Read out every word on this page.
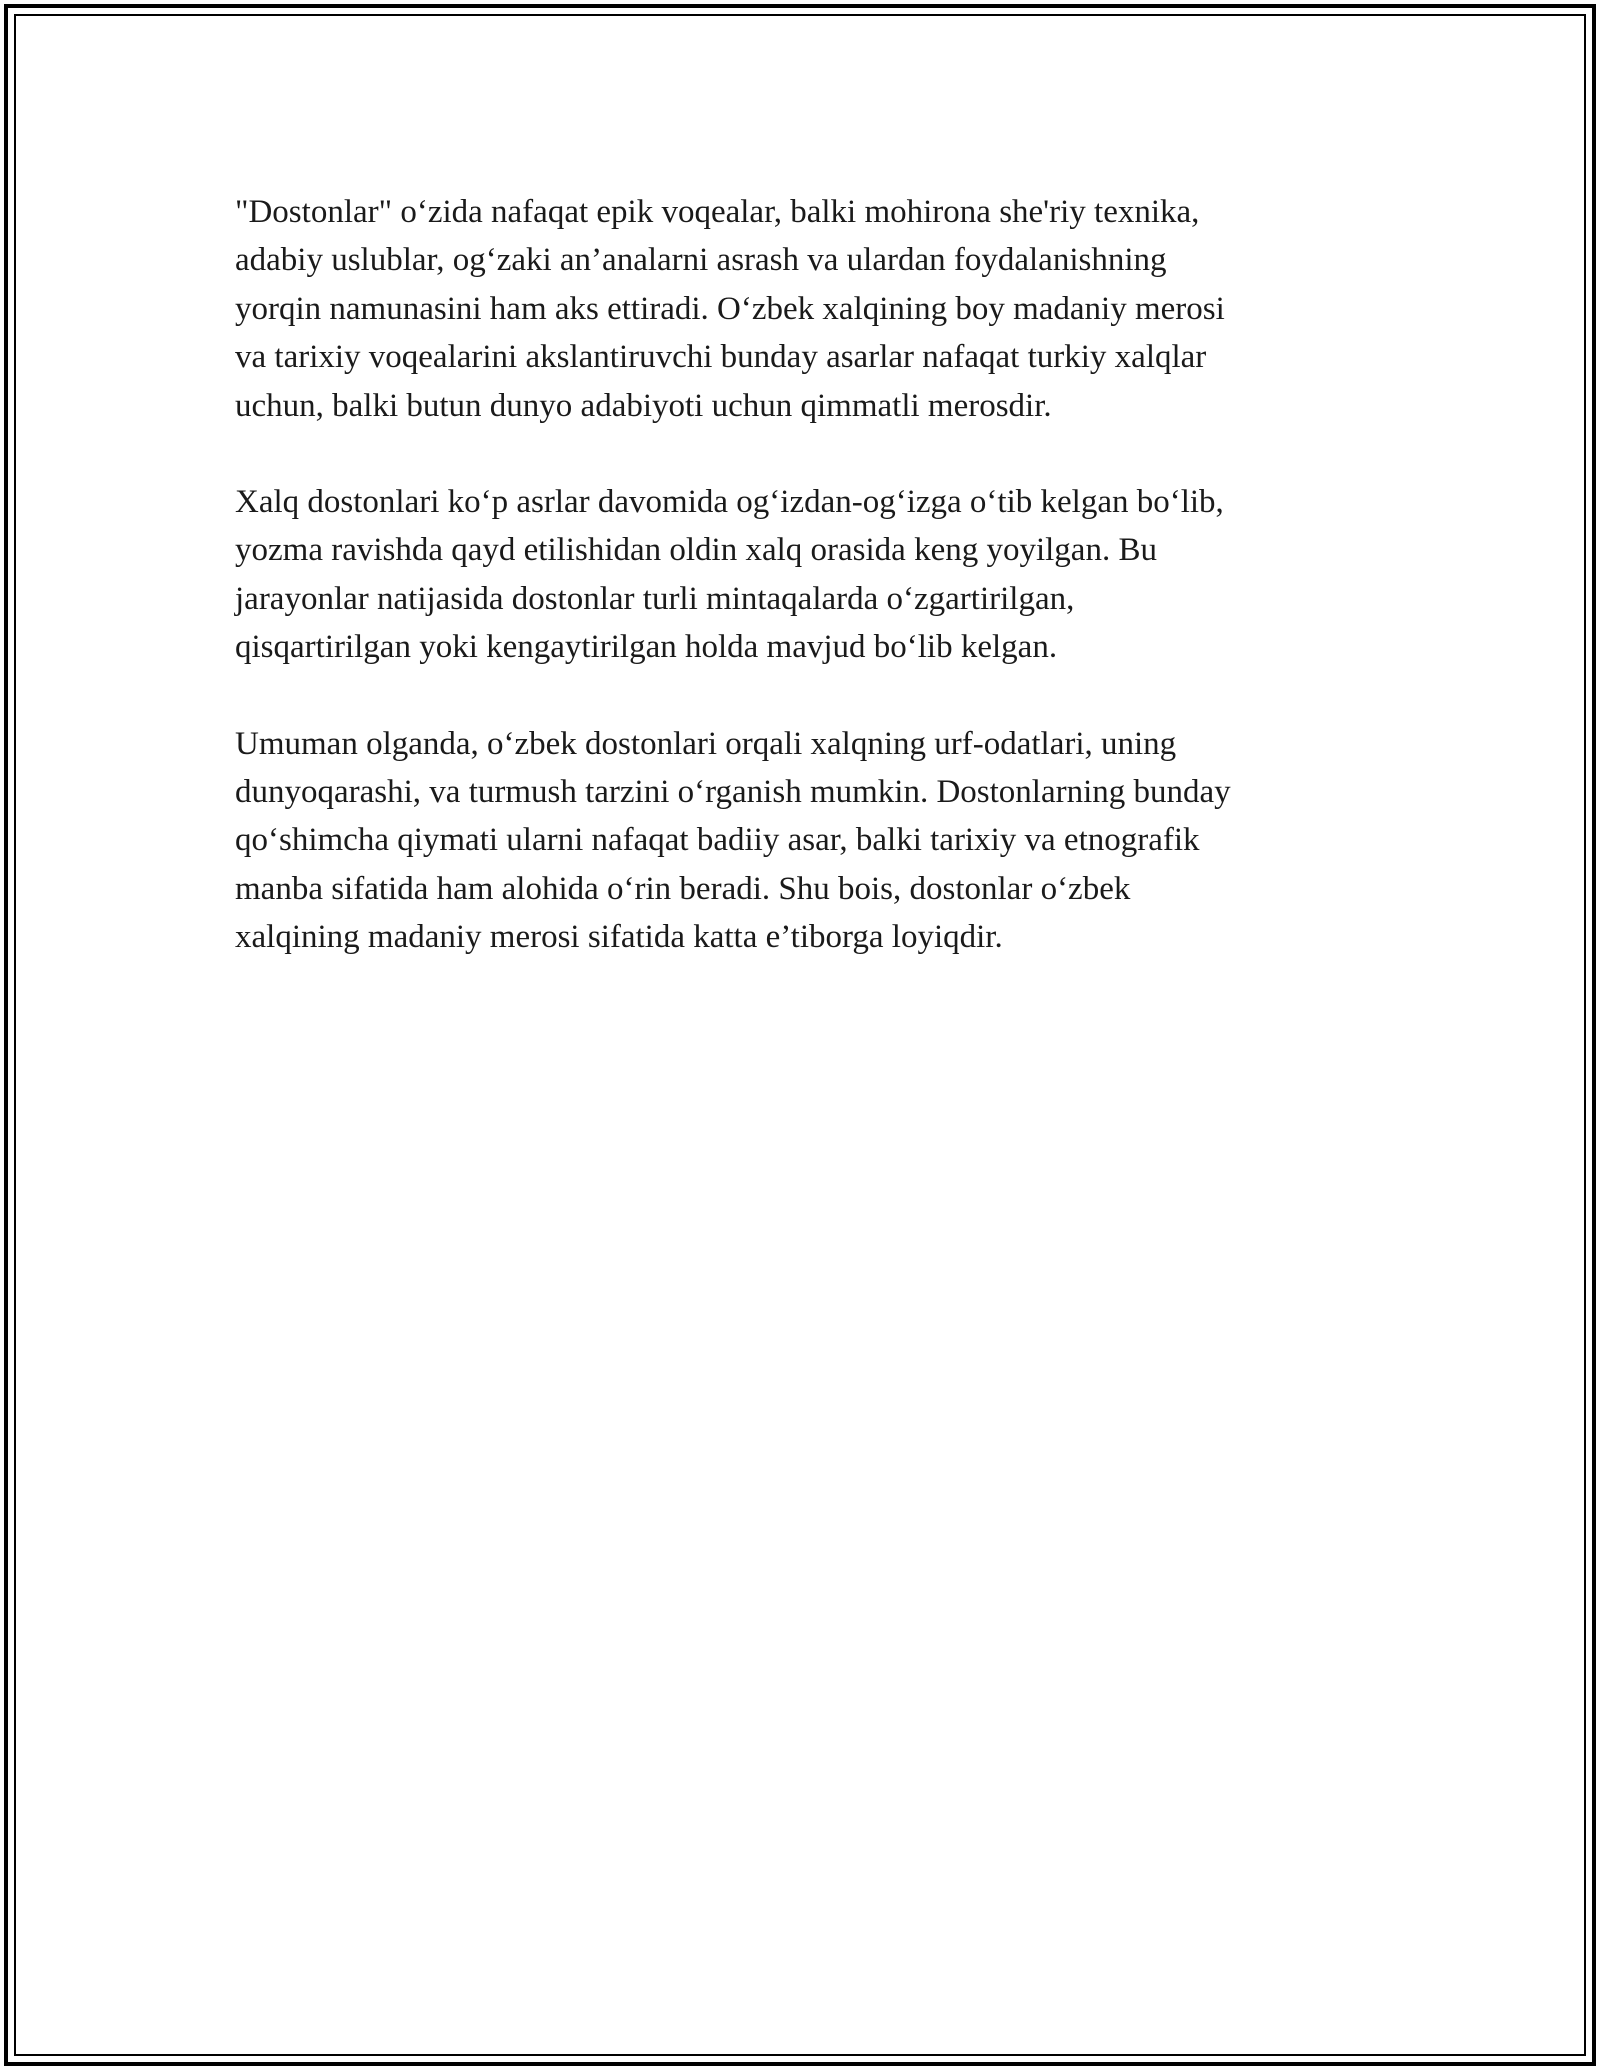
"Dostonlar" o‘zida nafaqat epik voqealar, balki mohirona she'riy texnika,
adabiy uslublar, og‘zaki an’analarni asrash va ulardan foydalanishning
yorqin namunasini ham aks ettiradi. O‘zbek xalqining boy madaniy merosi
va tarixiy voqealarini akslantiruvchi bunday asarlar nafaqat turkiy xalqlar
uchun, balki butun dunyo adabiyoti uchun qimmatli merosdir.

Xalq dostonlari ko‘p asrlar davomida og‘izdan-og‘izga o‘tib kelgan bo‘lib,
yozma ravishda qayd etilishidan oldin xalq orasida keng yoyilgan. Bu
jarayonlar natijasida dostonlar turli mintaqalarda o‘zgartirilgan,
qisqartirilgan yoki kengaytirilgan holda mavjud bo‘lib kelgan.

Umuman olganda, o‘zbek dostonlari orqali xalqning urf-odatlari, uning
dunyoqarashi, va turmush tarzini o‘rganish mumkin. Dostonlarning bunday
qo‘shimcha qiymati ularni nafaqat badiiy asar, balki tarixiy va etnografik
manba sifatida ham alohida o‘rin beradi. Shu bois, dostonlar o‘zbek
xalqining madaniy merosi sifatida katta e’tiborga loyiqdir.
